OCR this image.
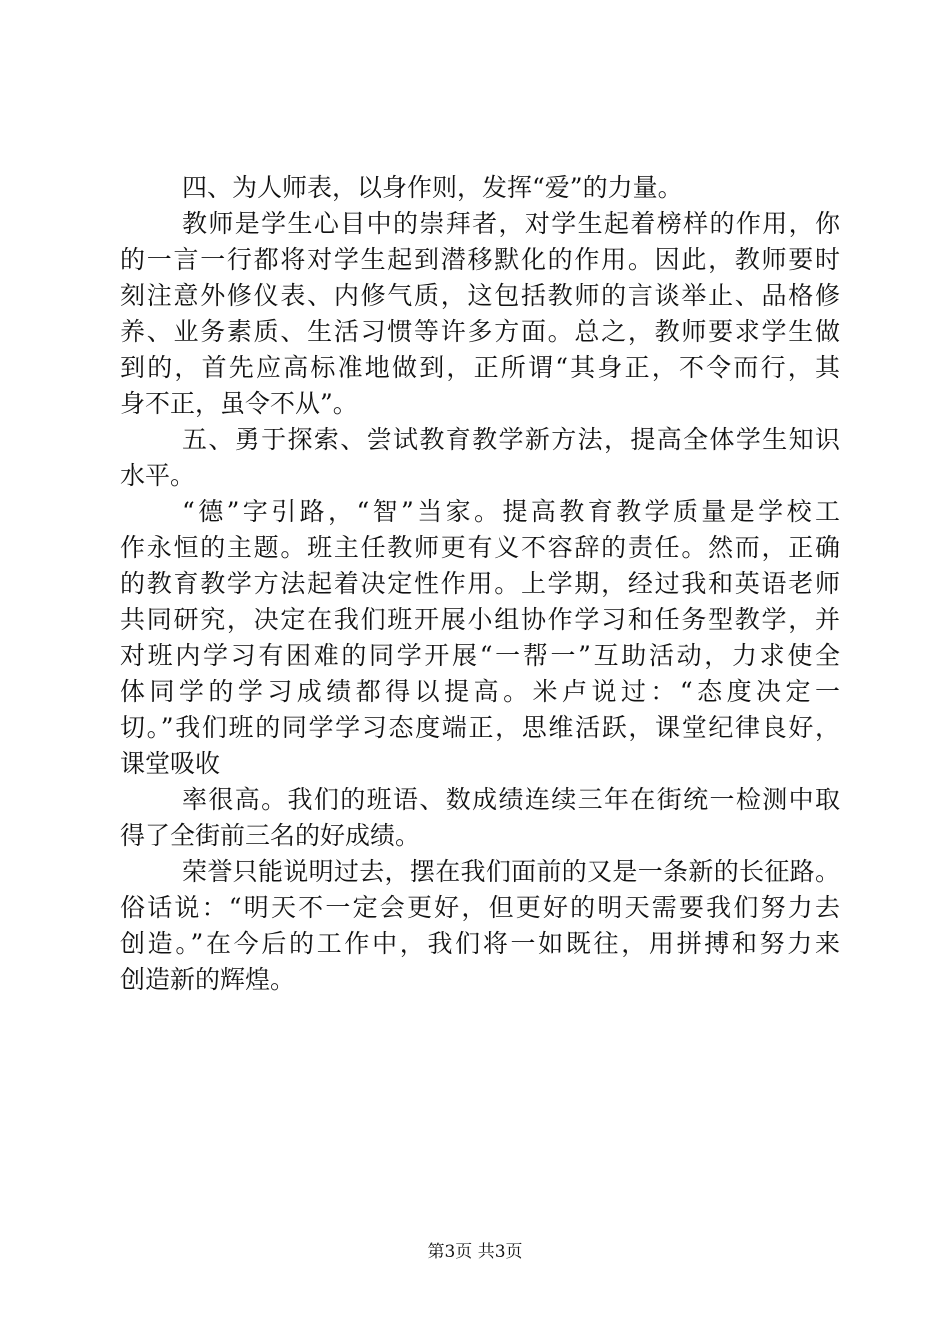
四、为人师表，以身作则，发挥“爱”的力量。
教师是学生心目中的崇拜者，对学生起着榜样的作用，你
的一言一行都将对学生起到潜移默化的作用。因此，教师要时
刻注意外修仪表、内修气质，这包括教师的言谈举止、品格修
养、业务素质、生活习惯等许多方面。总之，教师要求学生做
到的，首先应高标准地做到，正所谓“其身正，不令而行，其
身不正，虽令不从”。
五、勇于探索、尝试教育教学新方法，提高全体学生知识
水平。
“德”字引路，“智”当家。提高教育教学质量是学校工
作永恒的主题。班主任教师更有义不容辞的责任。然而，正确
的教育教学方法起着决定性作用。上学期，经过我和英语老师
共同研究，决定在我们班开展小组协作学习和任务型教学，并
对班内学习有困难的同学开展“一帮一”互助活动，力求使全
体同学的学习成绩都得以提高。米卢说过：“态度决定一
切。”我们班的同学学习态度端正，思维活跃，课堂纪律良好，
课堂吸收
率很高。我们的班语、数成绩连续三年在街统一检测中取
得了全街前三名的好成绩。
荣誉只能说明过去，摆在我们面前的又是一条新的长征路。
俗话说：“明天不一定会更好，但更好的明天需要我们努力去
创造。”在今后的工作中，我们将一如既往，用拼搏和努力来
创造新的辉煌。
第3页 共3页
